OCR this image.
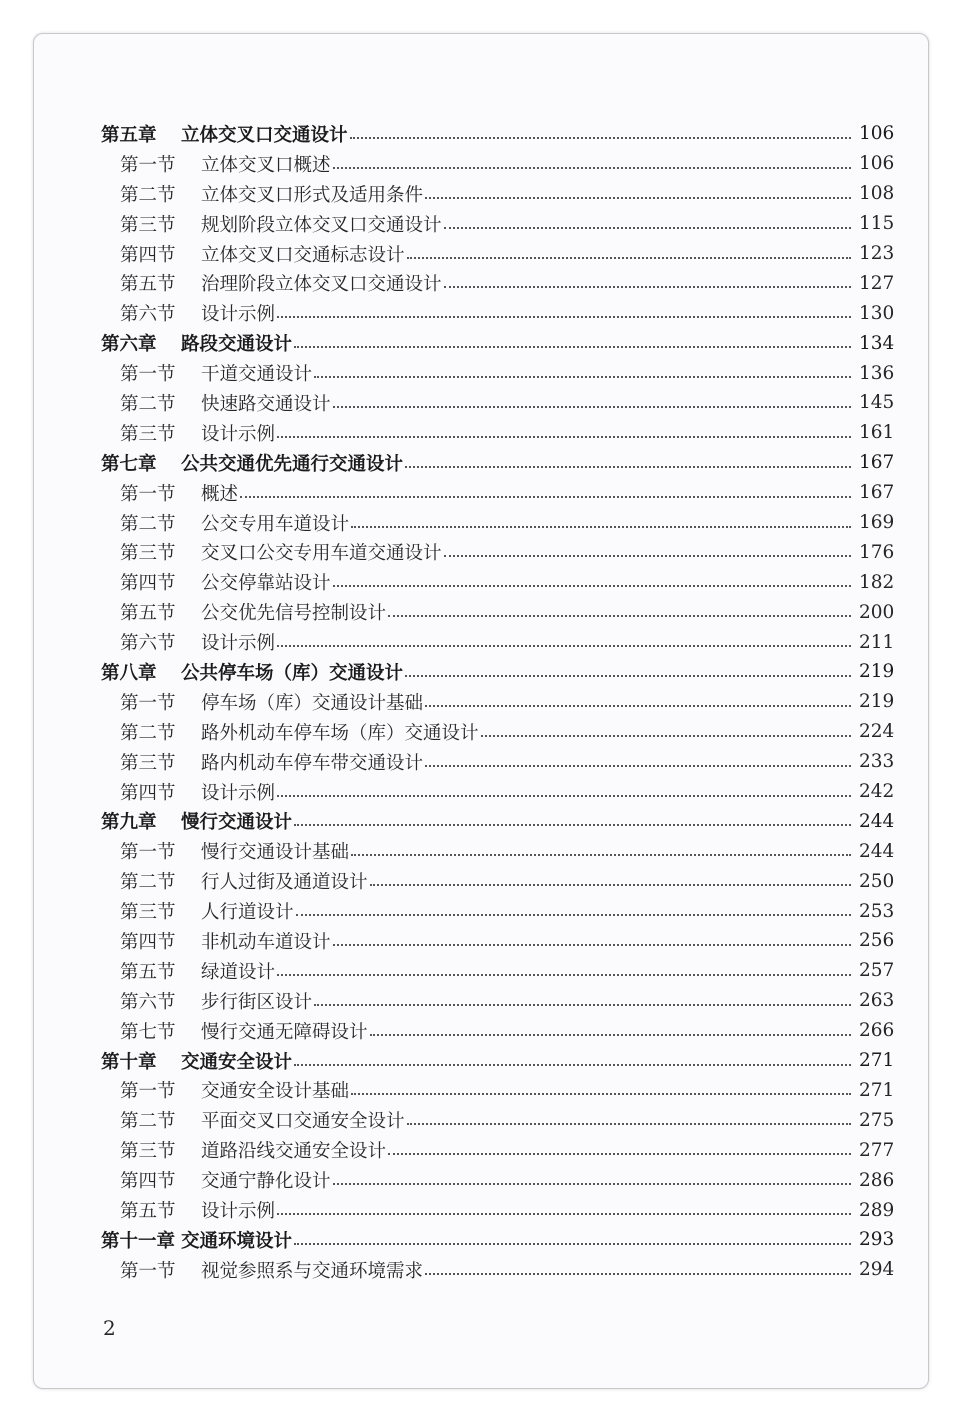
第五章	立体交叉口交通设计	106
第一节	立体交叉口概述	106
第二节	立体交叉口形式及适用条件	108
第三节	规划阶段立体交叉口交通设计	115
第四节	立体交叉口交通标志设计	123
第五节	治理阶段立体交叉口交通设计	127
第六节	设计示例	130
第六章	路段交通设计	134
第一节	干道交通设计	136
第二节	快速路交通设计	145
第三节	设计示例	161
第七章	公共交通优先通行交通设计	167
第一节	概述	167
第二节	公交专用车道设计	169
第三节	交叉口公交专用车道交通设计	176
第四节	公交停靠站设计	182
第五节	公交优先信号控制设计	200
第六节	设计示例	211
第八章	公共停车场（库）交通设计	219
第一节	停车场（库）交通设计基础	219
第二节	路外机动车停车场（库）交通设计	224
第三节	路内机动车停车带交通设计	233
第四节	设计示例	242
第九章	慢行交通设计	244
第一节	慢行交通设计基础	244
第二节	行人过街及通道设计	250
第三节	人行道设计	253
第四节	非机动车道设计	256
第五节	绿道设计	257
第六节	步行街区设计	263
第七节	慢行交通无障碍设计	266
第十章	交通安全设计	271
第一节	交通安全设计基础	271
第二节	平面交叉口交通安全设计	275
第三节	道路沿线交通安全设计	277
第四节	交通宁静化设计	286
第五节	设计示例	289
第十一章 交通环境设计	293
第一节	视觉参照系与交通环境需求	294
2
